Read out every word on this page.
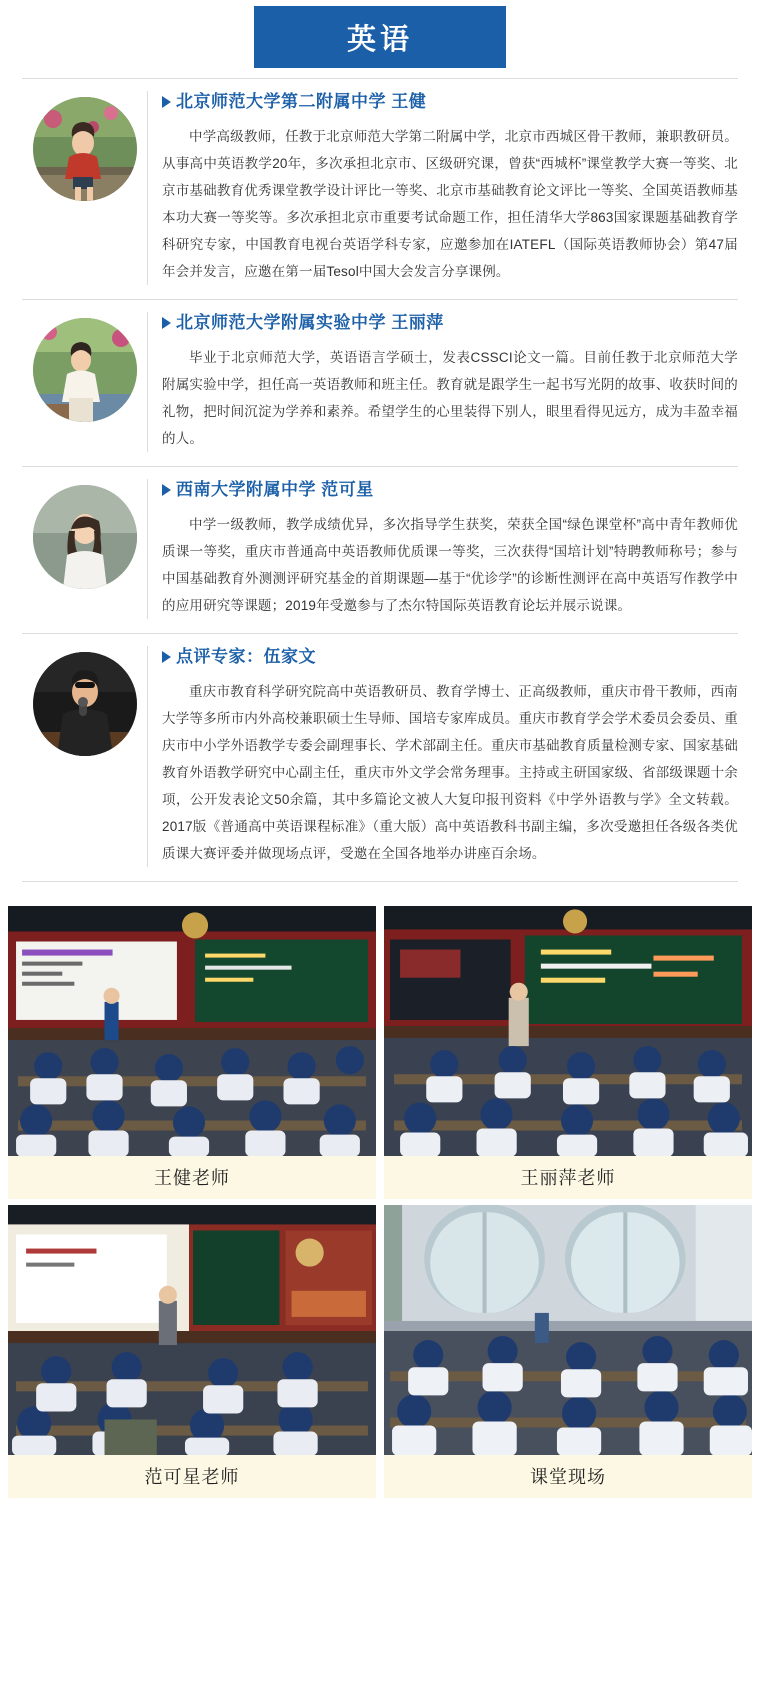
英语
北京师范大学第二附属中学 王健
中学高级教师，任教于北京师范大学第二附属中学，北京市西城区骨干教师，兼职教研员。从事高中英语教学20年，多次承担北京市、区级研究课，曾获“西城杯”课堂教学大赛一等奖、北京市基础教育优秀课堂教学设计评比一等奖、北京市基础教育论文评比一等奖、全国英语教师基本功大赛一等奖等。多次承担北京市重要考试命题工作，担任清华大学863国家课题基础教育学科研究专家，中国教育电视台英语学科专家，应邀参加在IATEFL（国际英语教师协会）第47届年会并发言，应邀在第一届Tesol中国大会发言分享课例。
北京师范大学附属实验中学 王丽萍
毕业于北京师范大学，英语语言学硕士，发表CSSCI论文一篇。目前任教于北京师范大学附属实验中学，担任高一英语教师和班主任。教育就是跟学生一起书写光阴的故事、收获时间的礼物，把时间沉淀为学养和素养。希望学生的心里装得下别人，眼里看得见远方，成为丰盈幸福的人。
西南大学附属中学 范可星
中学一级教师，教学成绩优异，多次指导学生获奖，荣获全国“绿色课堂杯”高中青年教师优质课一等奖，重庆市普通高中英语教师优质课一等奖，三次获得“国培计划”特聘教师称号；参与中国基础教育外测测评研究基金的首期课题—基于“优诊学”的诊断性测评在高中英语写作教学中的应用研究等课题；2019年受邀参与了杰尔特国际英语教育论坛并展示说课。
点评专家：伍家文
重庆市教育科学研究院高中英语教研员、教育学博士、正高级教师，重庆市骨干教师，西南大学等多所市内外高校兼职硕士生导师、国培专家库成员。重庆市教育学会学术委员会委员、重庆市中小学外语教学专委会副理事长、学术部副主任。重庆市基础教育质量检测专家、国家基础教育外语教学研究中心副主任，重庆市外文学会常务理事。主持或主研国家级、省部级课题十余项，公开发表论文50余篇，其中多篇论文被人大复印报刊资料《中学外语教与学》全文转载。2017版《普通高中英语课程标准》（重大版）高中英语教科书副主编，多次受邀担任各级各类优质课大赛评委并做现场点评，受邀在全国各地举办讲座百余场。
王健老师	王丽萍老师
范可星老师	课堂现场
